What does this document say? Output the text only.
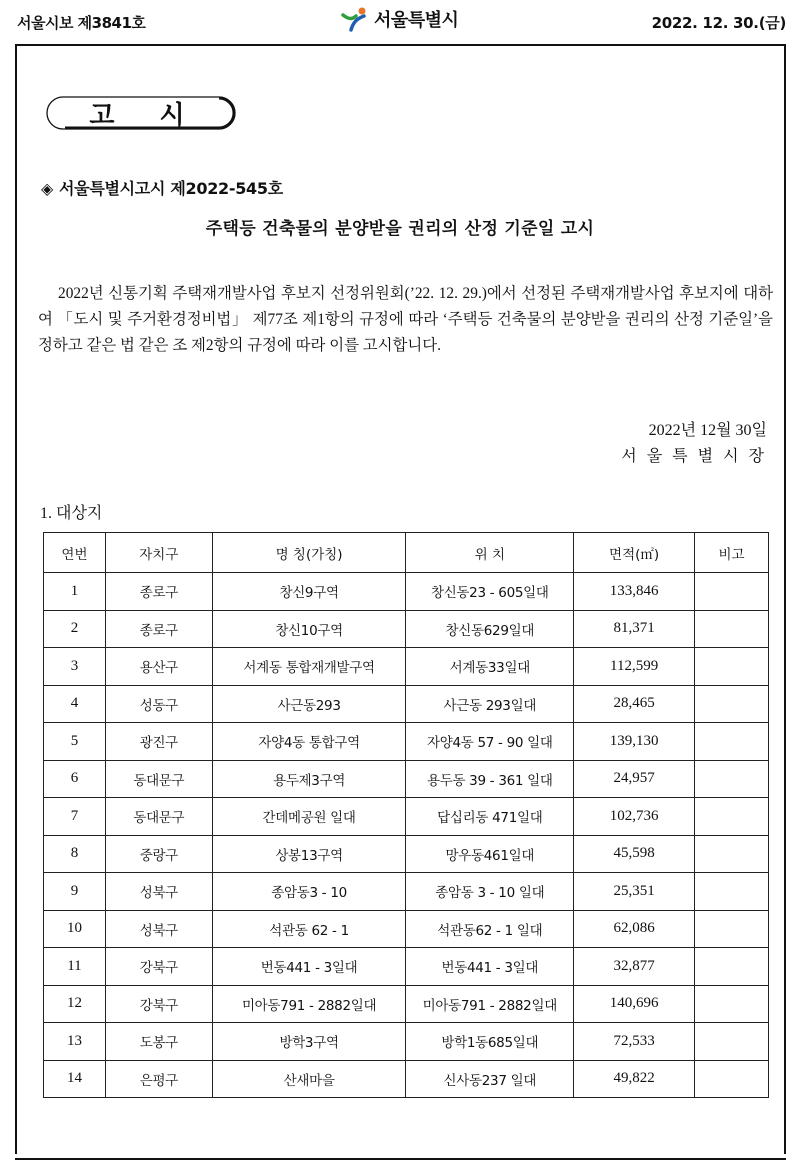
서울시보 제3841호	서울특별시	2022. 12. 30.(금)
고 시
◈ 서울특별시고시 제2022-545호
주택등 건축물의 분양받을 권리의 산정 기준일 고시

2022년 신통기획 주택재개발사업 후보지 선정위원회(’22. 12. 29.)에서 선정된 주택재개발사업 후보지에 대하여 「도시 및 주거환경정비법」 제77조 제1항의 규정에 따라 ‘주택등 건축물의 분양받을 권리의 산정 기준일’을 정하고 같은 법 같은 조 제2항의 규정에 따라 이를 고시합니다.

2022년 12월 30일
서 울 특 별 시 장
1. 대상지
연번	자치구	명 칭(가칭)	위 치	면적(㎡)	비고
1	종로구	창신9구역	창신동23 - 605일대	133,846	
2	종로구	창신10구역	창신동629일대	81,371	
3	용산구	서계동 통합재개발구역	서계동33일대	112,599	
4	성동구	사근동293	사근동 293일대	28,465	
5	광진구	자양4동 통합구역	자양4동 57 - 90 일대	139,130	
6	동대문구	용두제3구역	용두동 39 - 361 일대	24,957	
7	동대문구	간데메공원 일대	답십리동 471일대	102,736	
8	중랑구	상봉13구역	망우동461일대	45,598	
9	성북구	종암동3 - 10	종암동 3 - 10 일대	25,351	
10	성북구	석관동 62 - 1	석관동62 - 1 일대	62,086	
11	강북구	번동441 - 3일대	번동441 - 3일대	32,877	
12	강북구	미아동791 - 2882일대	미아동791 - 2882일대	140,696	
13	도봉구	방학3구역	방학1동685일대	72,533	
14	은평구	산새마을	신사동237 일대	49,822	
